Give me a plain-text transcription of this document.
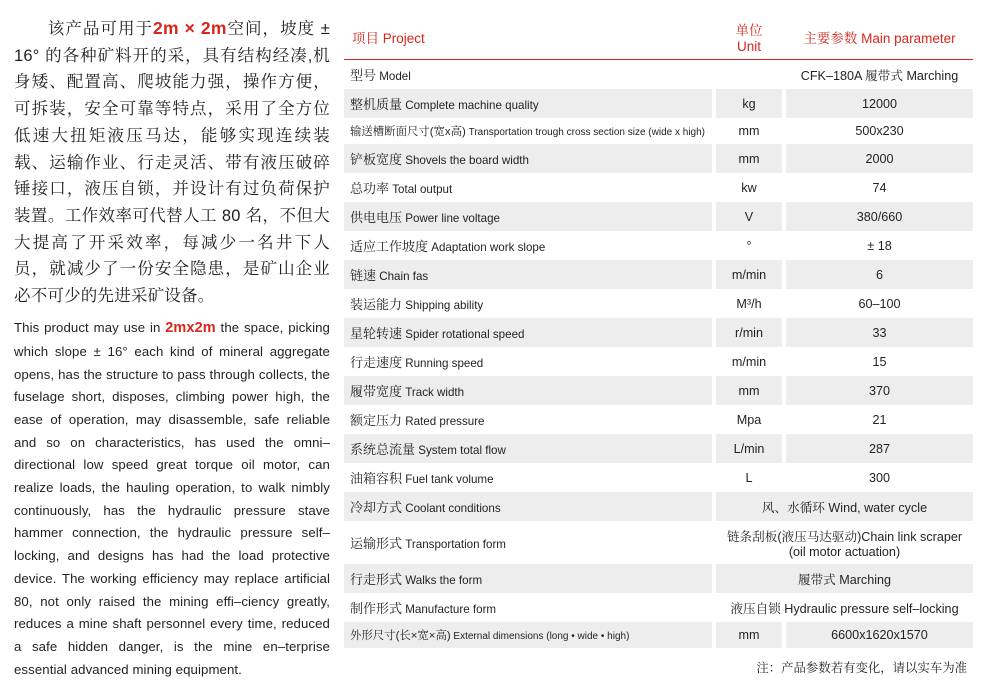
该产品可用于2m × 2m空间，坡度 ± 16° 的各种矿料开的采，具有结构经凑,机身矮、配置高、爬坡能力强，操作方便，可拆装，安全可靠等特点，采用了全方位低速大扭矩液压马达，能够实现连续装载、运输作业、行走灵活、带有液压破碎锤接口，液压自锁，并设计有过负荷保护装置。工作效率可代替人工 80 名，不但大大提高了开采效率，每减少一名井下人员，就减少了一份安全隐患，是矿山企业必不可少的先进采矿设备。

This product may use in 2mx2m the space, picking which slope ± 16° each kind of mineral aggregate opens, has the structure to pass through collects, the fuselage short, disposes, climbing power high, the ease of operation, may disassemble, safe reliable and so on characteristics, has used the omni–directional low speed great torque oil motor, can realize loads, the hauling operation, to walk nimbly continuously, has the hydraulic pressure stave hammer connection, the hydraulic pressure self–locking, and designs has had the load protective device. The working efficiency may replace artificial 80, not only raised the mining effi–ciency greatly, reduces a mine shaft personnel every time, reduced a safe hidden danger, is the mine en–terprise essential advanced mining equipment.

项目 Project		单位 Unit		主要参数 Main parameter
型号 Model				CFK–180A 履带式 Marching
整机质量 Complete machine quality		kg		12000
输送槽断面尺寸(宽x高) Transportation trough cross section size (wide x high)		mm		500x230
铲板宽度 Shovels the board width		mm		2000
总功率 Total output		kw		74
供电电压 Power line voltage		V		380/660
适应工作坡度 Adaptation work slope		°		± 18
链速 Chain fas		m/min		6
装运能力 Shipping ability		M³/h		60–100
星轮转速 Spider rotational speed		r/min		33
行走速度 Running speed		m/min		15
履带宽度 Track width		mm		370
额定压力 Rated pressure		Mpa		21
系统总流量 System total flow		L/min		287
油箱容积 Fuel tank volume		L		300
冷却方式 Coolant conditions		风、水循环 Wind, water cycle		
运输形式 Transportation form		链条刮板(液压马达驱动)Chain link scraper (oil motor actuation)		
行走形式 Walks the form		履带式 Marching		
制作形式 Manufacture form		液压自锁 Hydraulic pressure self–locking		
外形尺寸(长×宽×高) External dimensions (long • wide • high)		mm		6600x1620x1570
注：产品参数若有变化，请以实车为准
